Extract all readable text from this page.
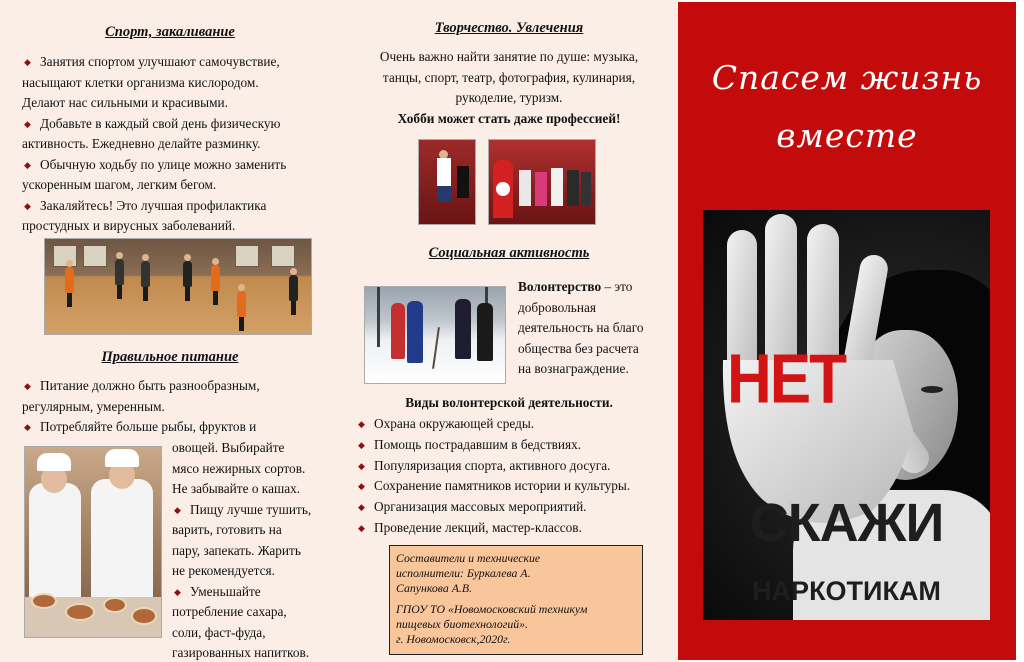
Спорт, закаливание

◆ Занятия спортом улучшают самочувствие,
насыщают клетки организма кислородом.
Делают нас сильными и красивыми.
◆ Добавьте в каждый свой день физическую
активность. Ежедневно делайте разминку.
◆ Обычную ходьбу по улице можно заменить
ускоренным шагом, легким бегом.
◆ Закаляйтесь! Это лучшая профилактика
простудных и вирусных заболеваний.

Правильное питание

◆ Питание должно быть разнообразным,
регулярным, умеренным.
◆ Потребляйте больше рыбы, фруктов и

овощей. Выбирайте
мясо нежирных сортов.
Не забывайте о кашах.
◆ Пищу лучше тушить,
варить, готовить на
пару, запекать. Жарить
не рекомендуется.
◆ Уменьшайте
потребление сахара,
соли, фаст-фуда,
газированных напитков.

Творчество. Увлечения

Очень важно найти занятие по душе: музыка,
танцы, спорт, театр, фотография, кулинария,
рукоделие, туризм.
Хобби может стать даже профессией!

Социальная активность

Волонтерство – это
добровольная
деятельность на благо
общества без расчета
на вознаграждение.

Виды волонтерской деятельности.

◆ Охрана окружающей среды.
◆ Помощь пострадавшим в бедствиях.
◆ Популяризация спорта, активного досуга.
◆ Сохранение памятников истории и культуры.
◆ Организация массовых мероприятий.
◆ Проведение лекций, мастер-классов.

Составители и технические
исполнители: Буркалева А.
Сапункова А.В.

ГПОУ ТО «Новомосковский техникум
пищевых биотехнологий».
г. Новомосковск,2020г.
Спасем жизнь
вместе
НЕТ
СКАЖИ
НАРКОТИКАМ
